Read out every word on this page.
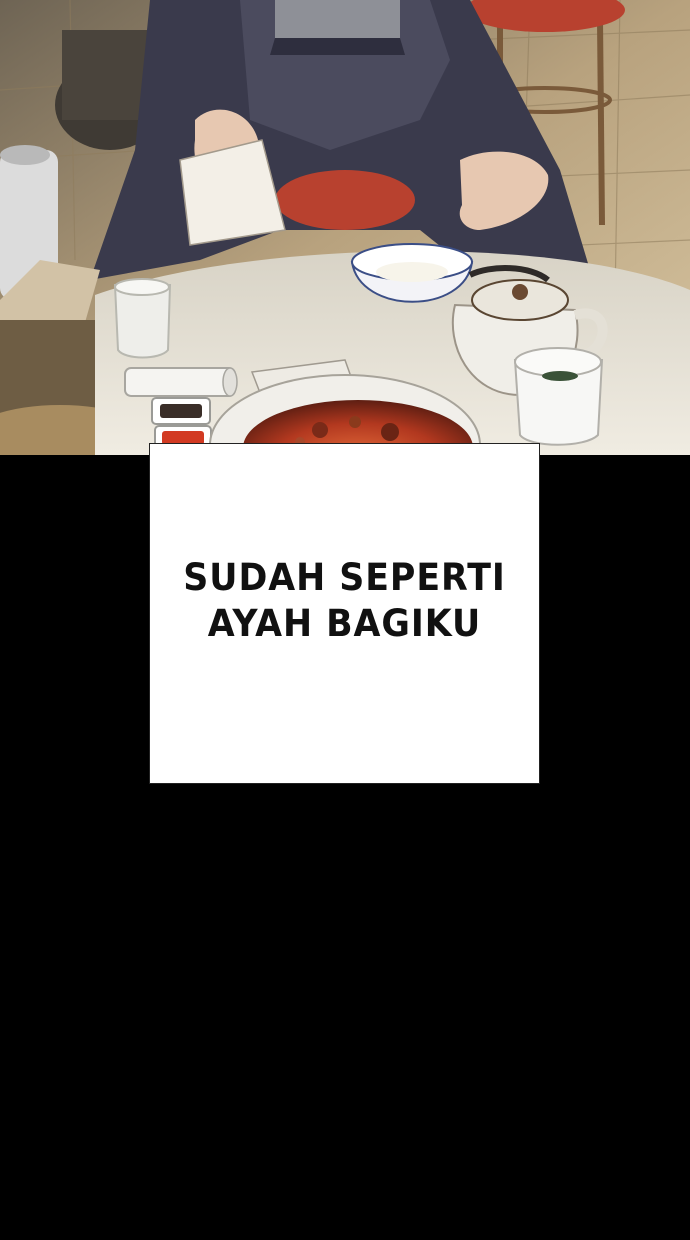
SUDAH SEPERTI
AYAH BAGIKU
